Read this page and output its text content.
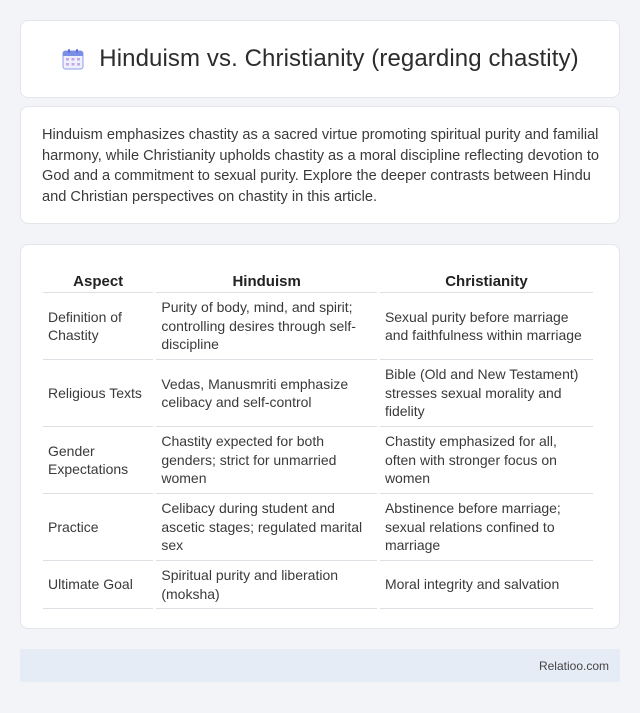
Hinduism vs. Christianity (regarding chastity)

Hinduism emphasizes chastity as a sacred virtue promoting spiritual purity and familial harmony, while Christianity upholds chastity as a moral discipline reflecting devotion to God and a commitment to sexual purity. Explore the deeper contrasts between Hindu and Christian perspectives on chastity in this article.

Aspect	Hinduism	Christianity
Definition of Chastity	Purity of body, mind, and spirit; controlling desires through self-discipline	Sexual purity before marriage and faithfulness within marriage
Religious Texts	Vedas, Manusmriti emphasize celibacy and self-control	Bible (Old and New Testament) stresses sexual morality and fidelity
Gender Expectations	Chastity expected for both genders; strict for unmarried women	Chastity emphasized for all, often with stronger focus on women
Practice	Celibacy during student and ascetic stages; regulated marital sex	Abstinence before marriage; sexual relations confined to marriage
Ultimate Goal	Spiritual purity and liberation (moksha)	Moral integrity and salvation
Relatioo.com
